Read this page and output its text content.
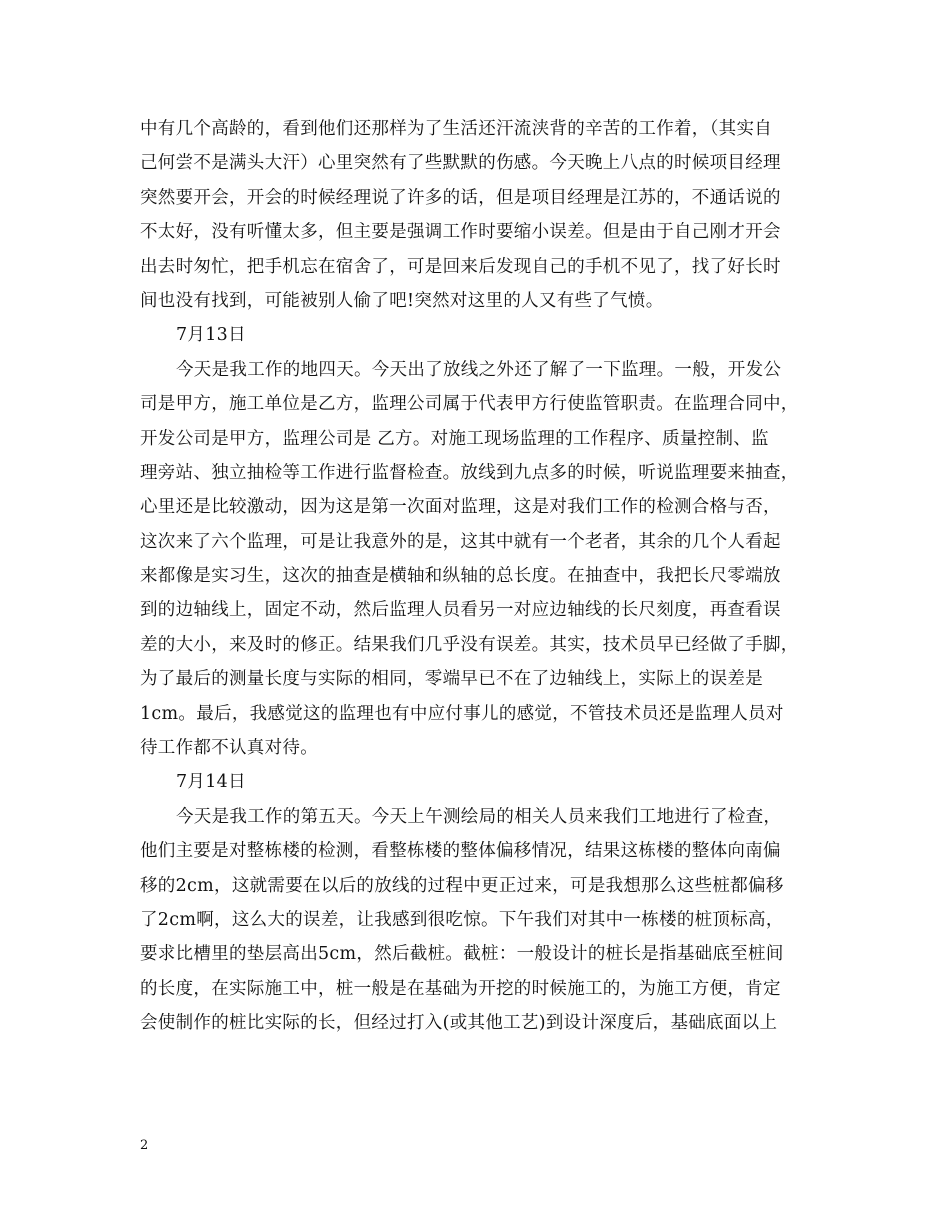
中有几个高龄的，看到他们还那样为了生活还汗流浃背的辛苦的工作着，（其实自
己何尝不是满头大汗）心里突然有了些默默的伤感。今天晚上八点的时候项目经理
突然要开会，开会的时候经理说了许多的话，但是项目经理是江苏的，不通话说的
不太好，没有听懂太多，但主要是强调工作时要缩小误差。但是由于自己刚才开会
出去时匆忙，把手机忘在宿舍了，可是回来后发现自己的手机不见了，找了好长时
间也没有找到，可能被别人偷了吧!突然对这里的人又有些了气愤。
7月13日
今天是我工作的地四天。今天出了放线之外还了解了一下监理。一般，开发公
司是甲方，施工单位是乙方，监理公司属于代表甲方行使监管职责。在监理合同中，
开发公司是甲方，监理公司是 乙方。对施工现场监理的工作程序、质量控制、监
理旁站、独立抽检等工作进行监督检查。放线到九点多的时候，听说监理要来抽查，
心里还是比较激动，因为这是第一次面对监理，这是对我们工作的检测合格与否，
这次来了六个监理，可是让我意外的是，这其中就有一个老者，其余的几个人看起
来都像是实习生，这次的抽查是横轴和纵轴的总长度。在抽查中，我把长尺零端放
到的边轴线上，固定不动，然后监理人员看另一对应边轴线的长尺刻度，再查看误
差的大小，来及时的修正。结果我们几乎没有误差。其实，技术员早已经做了手脚，
为了最后的测量长度与实际的相同，零端早已不在了边轴线上，实际上的误差是
1cm。最后，我感觉这的监理也有中应付事儿的感觉，不管技术员还是监理人员对
待工作都不认真对待。
7月14日
今天是我工作的第五天。今天上午测绘局的相关人员来我们工地进行了检查，
他们主要是对整栋楼的检测，看整栋楼的整体偏移情况，结果这栋楼的整体向南偏
移的2cm，这就需要在以后的放线的过程中更正过来，可是我想那么这些桩都偏移
了2cm啊，这么大的误差，让我感到很吃惊。下午我们对其中一栋楼的桩顶标高，
要求比槽里的垫层高出5cm，然后截桩。截桩：一般设计的桩长是指基础底至桩间
的长度，在实际施工中，桩一般是在基础为开挖的时候施工的，为施工方便，肯定
会使制作的桩比实际的长，但经过打入(或其他工艺)到设计深度后，基础底面以上
2
